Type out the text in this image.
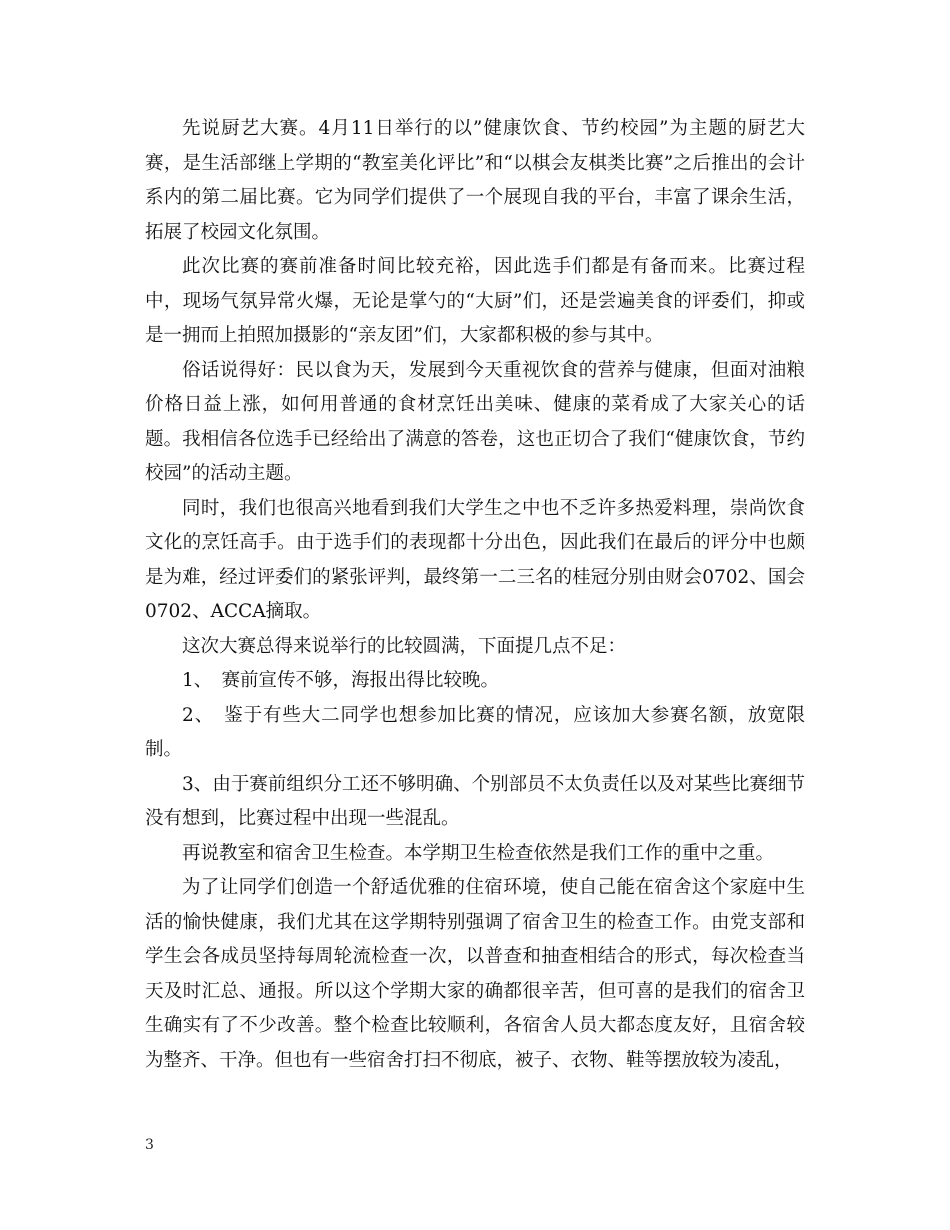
先说厨艺大赛。4月11日举行的以”健康饮食、节约校园”为主题的厨艺大赛，是生活部继上学期的“教室美化评比”和“以棋会友棋类比赛”之后推出的会计系内的第二届比赛。它为同学们提供了一个展现自我的平台，丰富了课余生活，拓展了校园文化氛围。

此次比赛的赛前准备时间比较充裕，因此选手们都是有备而来。比赛过程中，现场气氛异常火爆，无论是掌勺的“大厨”们，还是尝遍美食的评委们，抑或是一拥而上拍照加摄影的“亲友团”们，大家都积极的参与其中。

俗话说得好：民以食为天，发展到今天重视饮食的营养与健康，但面对油粮价格日益上涨，如何用普通的食材烹饪出美味、健康的菜肴成了大家关心的话题。我相信各位选手已经给出了满意的答卷，这也正切合了我们“健康饮食，节约校园”的活动主题。

同时，我们也很高兴地看到我们大学生之中也不乏许多热爱料理，崇尚饮食文化的烹饪高手。由于选手们的表现都十分出色，因此我们在最后的评分中也颇是为难，经过评委们的紧张评判，最终第一二三名的桂冠分别由财会0702、国会0702、ACCA摘取。

这次大赛总得来说举行的比较圆满，下面提几点不足：

1、　赛前宣传不够，海报出得比较晚。

2、　鉴于有些大二同学也想参加比赛的情况，应该加大参赛名额，放宽限制。

3、由于赛前组织分工还不够明确、个别部员不太负责任以及对某些比赛细节没有想到，比赛过程中出现一些混乱。

再说教室和宿舍卫生检查。本学期卫生检查依然是我们工作的重中之重。

为了让同学们创造一个舒适优雅的住宿环境，使自己能在宿舍这个家庭中生活的愉快健康，我们尤其在这学期特别强调了宿舍卫生的检查工作。由党支部和学生会各成员坚持每周轮流检查一次，以普查和抽查相结合的形式，每次检查当天及时汇总、通报。所以这个学期大家的确都很辛苦，但可喜的是我们的宿舍卫生确实有了不少改善。整个检查比较顺利，各宿舍人员大都态度友好，且宿舍较为整齐、干净。但也有一些宿舍打扫不彻底，被子、衣物、鞋等摆放较为凌乱，

3
